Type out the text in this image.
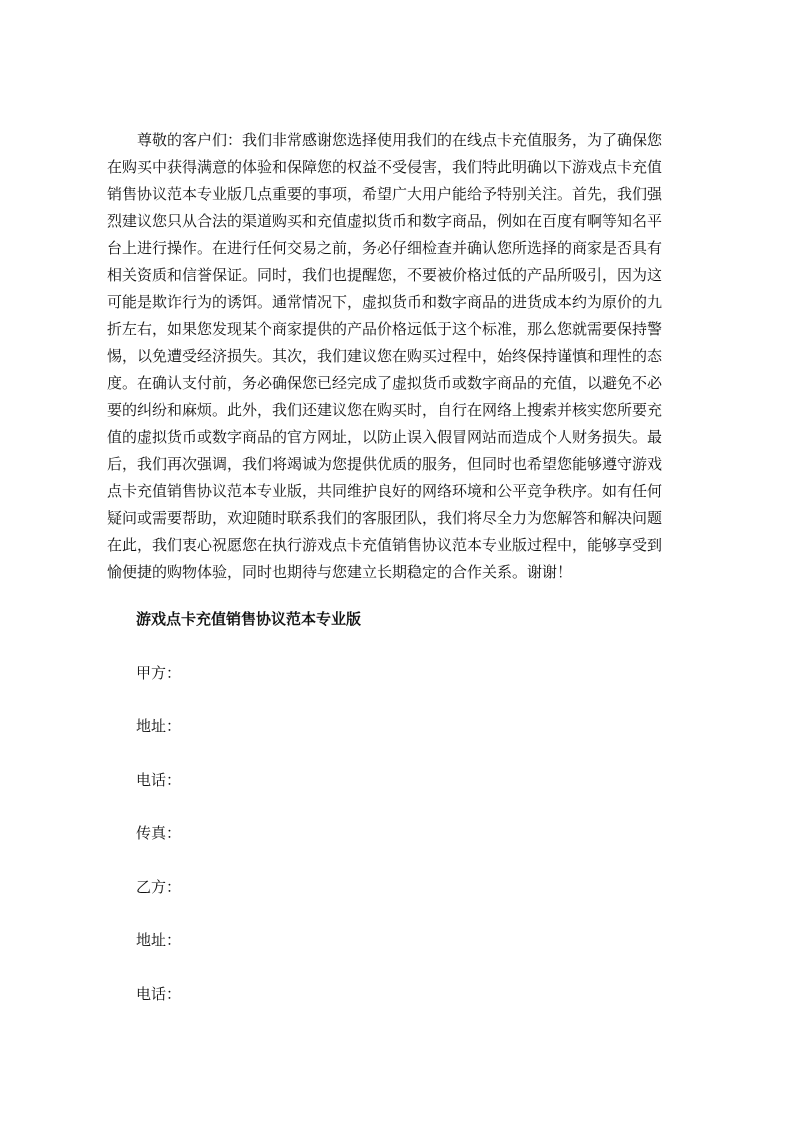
　　尊敬的客户们：我们非常感谢您选择使用我们的在线点卡充值服务，为了确保您
在购买中获得满意的体验和保障您的权益不受侵害，我们特此明确以下游戏点卡充值
销售协议范本专业版几点重要的事项，希望广大用户能给予特别关注。首先，我们强
烈建议您只从合法的渠道购买和充值虚拟货币和数字商品，例如在百度有啊等知名平
台上进行操作。在进行任何交易之前，务必仔细检查并确认您所选择的商家是否具有
相关资质和信誉保证。同时，我们也提醒您，不要被价格过低的产品所吸引，因为这
可能是欺诈行为的诱饵。通常情况下，虚拟货币和数字商品的进货成本约为原价的九
折左右，如果您发现某个商家提供的产品价格远低于这个标准，那么您就需要保持警
惕，以免遭受经济损失。其次，我们建议您在购买过程中，始终保持谨慎和理性的态
度。在确认支付前，务必确保您已经完成了虚拟货币或数字商品的充值，以避免不必
要的纠纷和麻烦。此外，我们还建议您在购买时，自行在网络上搜索并核实您所要充
值的虚拟货币或数字商品的官方网址，以防止误入假冒网站而造成个人财务损失。最
后，我们再次强调，我们将竭诚为您提供优质的服务，但同时也希望您能够遵守游戏
点卡充值销售协议范本专业版，共同维护良好的网络环境和公平竞争秩序。如有任何
疑问或需要帮助，欢迎随时联系我们的客服团队，我们将尽全力为您解答和解决问题
在此，我们衷心祝愿您在执行游戏点卡充值销售协议范本专业版过程中，能够享受到
愉便捷的购物体验，同时也期待与您建立长期稳定的合作关系。谢谢！
游戏点卡充值销售协议范本专业版
甲方：
地址：
电话：
传真：
乙方：
地址：
电话：
